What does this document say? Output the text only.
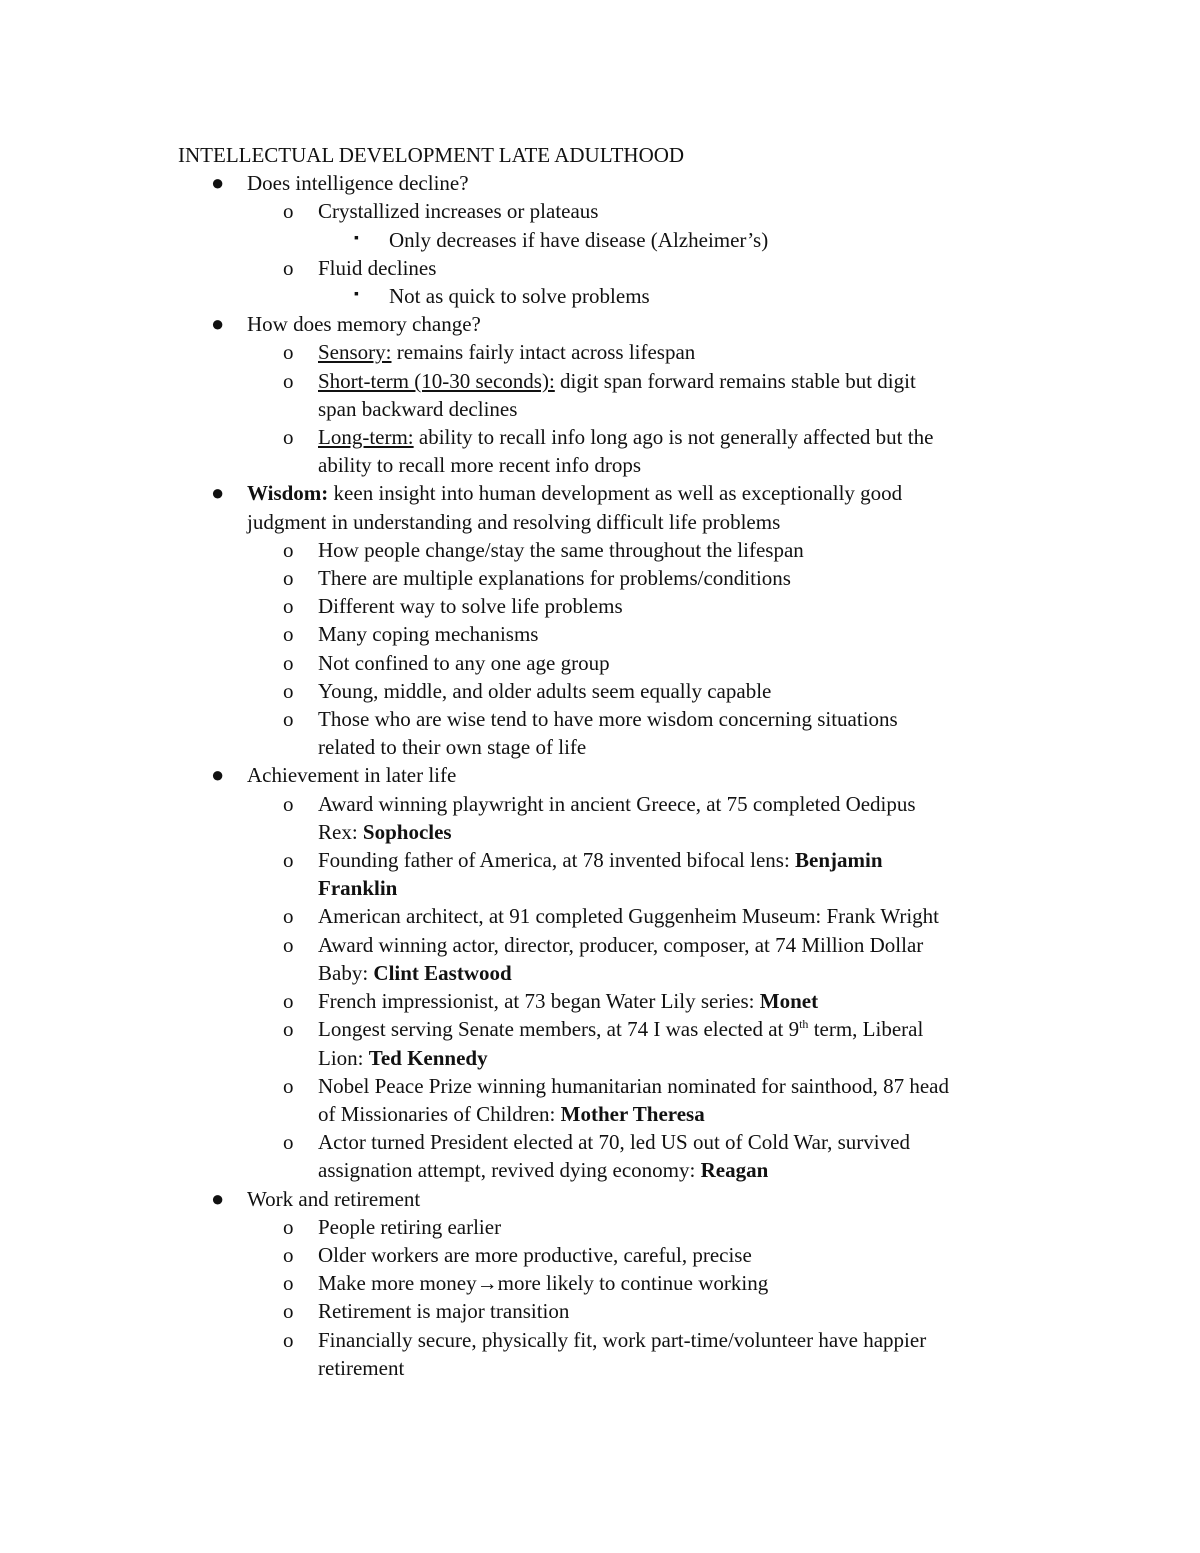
INTELLECTUAL DEVELOPMENT LATE ADULTHOOD
● Does intelligence decline?
o Crystallized increases or plateaus
▪ Only decreases if have disease (Alzheimer’s)
o Fluid declines
▪ Not as quick to solve problems
● How does memory change?
o Sensory: remains fairly intact across lifespan
o Short-term (10-30 seconds): digit span forward remains stable but digit
span backward declines
o Long-term: ability to recall info long ago is not generally affected but the
ability to recall more recent info drops
● Wisdom: keen insight into human development as well as exceptionally good
judgment in understanding and resolving difficult life problems
o How people change/stay the same throughout the lifespan
o There are multiple explanations for problems/conditions
o Different way to solve life problems
o Many coping mechanisms
o Not confined to any one age group
o Young, middle, and older adults seem equally capable
o Those who are wise tend to have more wisdom concerning situations
related to their own stage of life
● Achievement in later life
o Award winning playwright in ancient Greece, at 75 completed Oedipus
Rex: Sophocles
o Founding father of America, at 78 invented bifocal lens: Benjamin
Franklin
o American architect, at 91 completed Guggenheim Museum: Frank Wright
o Award winning actor, director, producer, composer, at 74 Million Dollar
Baby: Clint Eastwood
o French impressionist, at 73 began Water Lily series: Monet
o Longest serving Senate members, at 74 I was elected at 9th term, Liberal
Lion: Ted Kennedy
o Nobel Peace Prize winning humanitarian nominated for sainthood, 87 head
of Missionaries of Children: Mother Theresa
o Actor turned President elected at 70, led US out of Cold War, survived
assignation attempt, revived dying economy: Reagan
● Work and retirement
o People retiring earlier
o Older workers are more productive, careful, precise
o Make more money→more likely to continue working
o Retirement is major transition
o Financially secure, physically fit, work part-time/volunteer have happier
retirement
